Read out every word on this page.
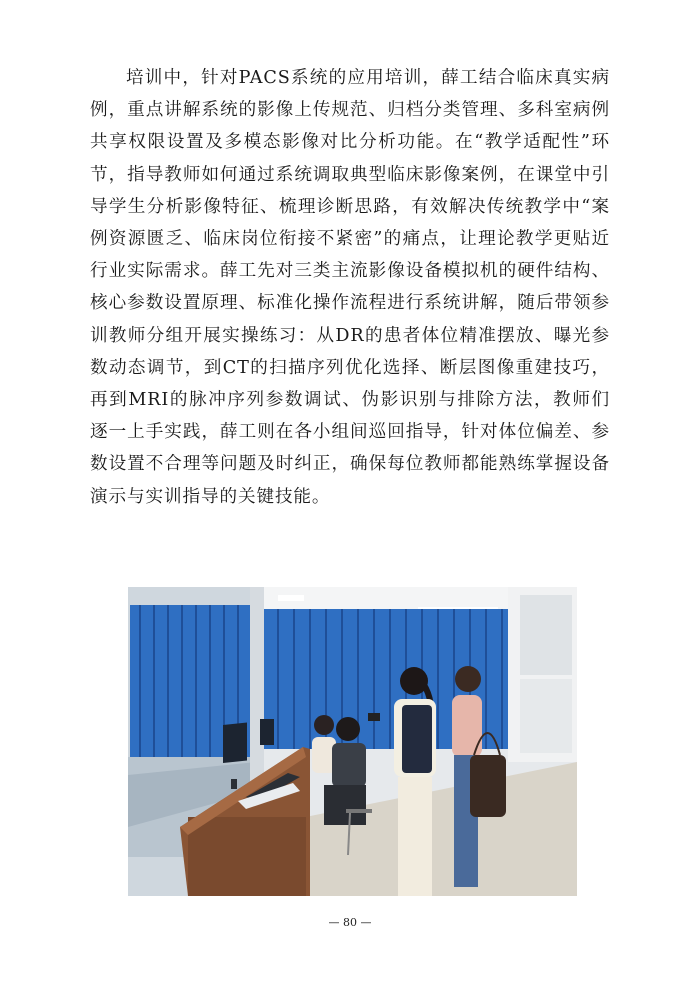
培训中，针对PACS系统的应用培训，薛工结合临床真实病例，重点讲解系统的影像上传规范、归档分类管理、多科室病例共享权限设置及多模态影像对比分析功能。在“教学适配性”环节，指导教师如何通过系统调取典型临床影像案例，在课堂中引导学生分析影像特征、梳理诊断思路，有效解决传统教学中“案例资源匮乏、临床岗位衔接不紧密”的痛点，让理论教学更贴近行业实际需求。薛工先对三类主流影像设备模拟机的硬件结构、核心参数设置原理、标准化操作流程进行系统讲解，随后带领参训教师分组开展实操练习：从DR的患者体位精准摆放、曝光参数动态调节，到CT的扫描序列优化选择、断层图像重建技巧，再到MRI的脉冲序列参数调试、伪影识别与排除方法，教师们逐一上手实践，薛工则在各小组间巡回指导，针对体位偏差、参数设置不合理等问题及时纠正，确保每位教师都能熟练掌握设备演示与实训指导的关键技能。

— 80 —
